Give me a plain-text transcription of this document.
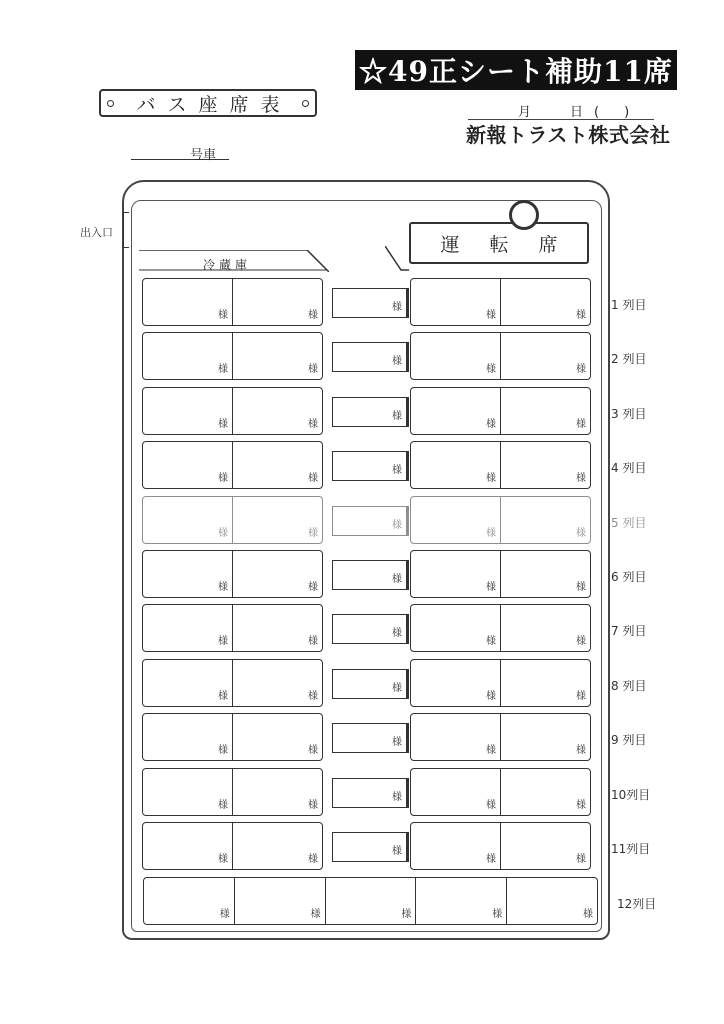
☆49正シート補助11席
バス座席表
号車
月	日 (　)
新報トラスト株式会社
出入口
冷蔵庫
運転席
様	様
様
様	様
1 列目
様	様
様
様	様
2 列目
様	様
様
様	様
3 列目
様	様
様
様	様
4 列目
様	様
様
様	様
5 列目
様	様
様
様	様
6 列目
様	様
様
様	様
7 列目
様	様
様
様	様
8 列目
様	様
様
様	様
9 列目
様	様
様
様	様
10列目
様	様
様
様	様
11列目
様	様	様	様	様
12列目
